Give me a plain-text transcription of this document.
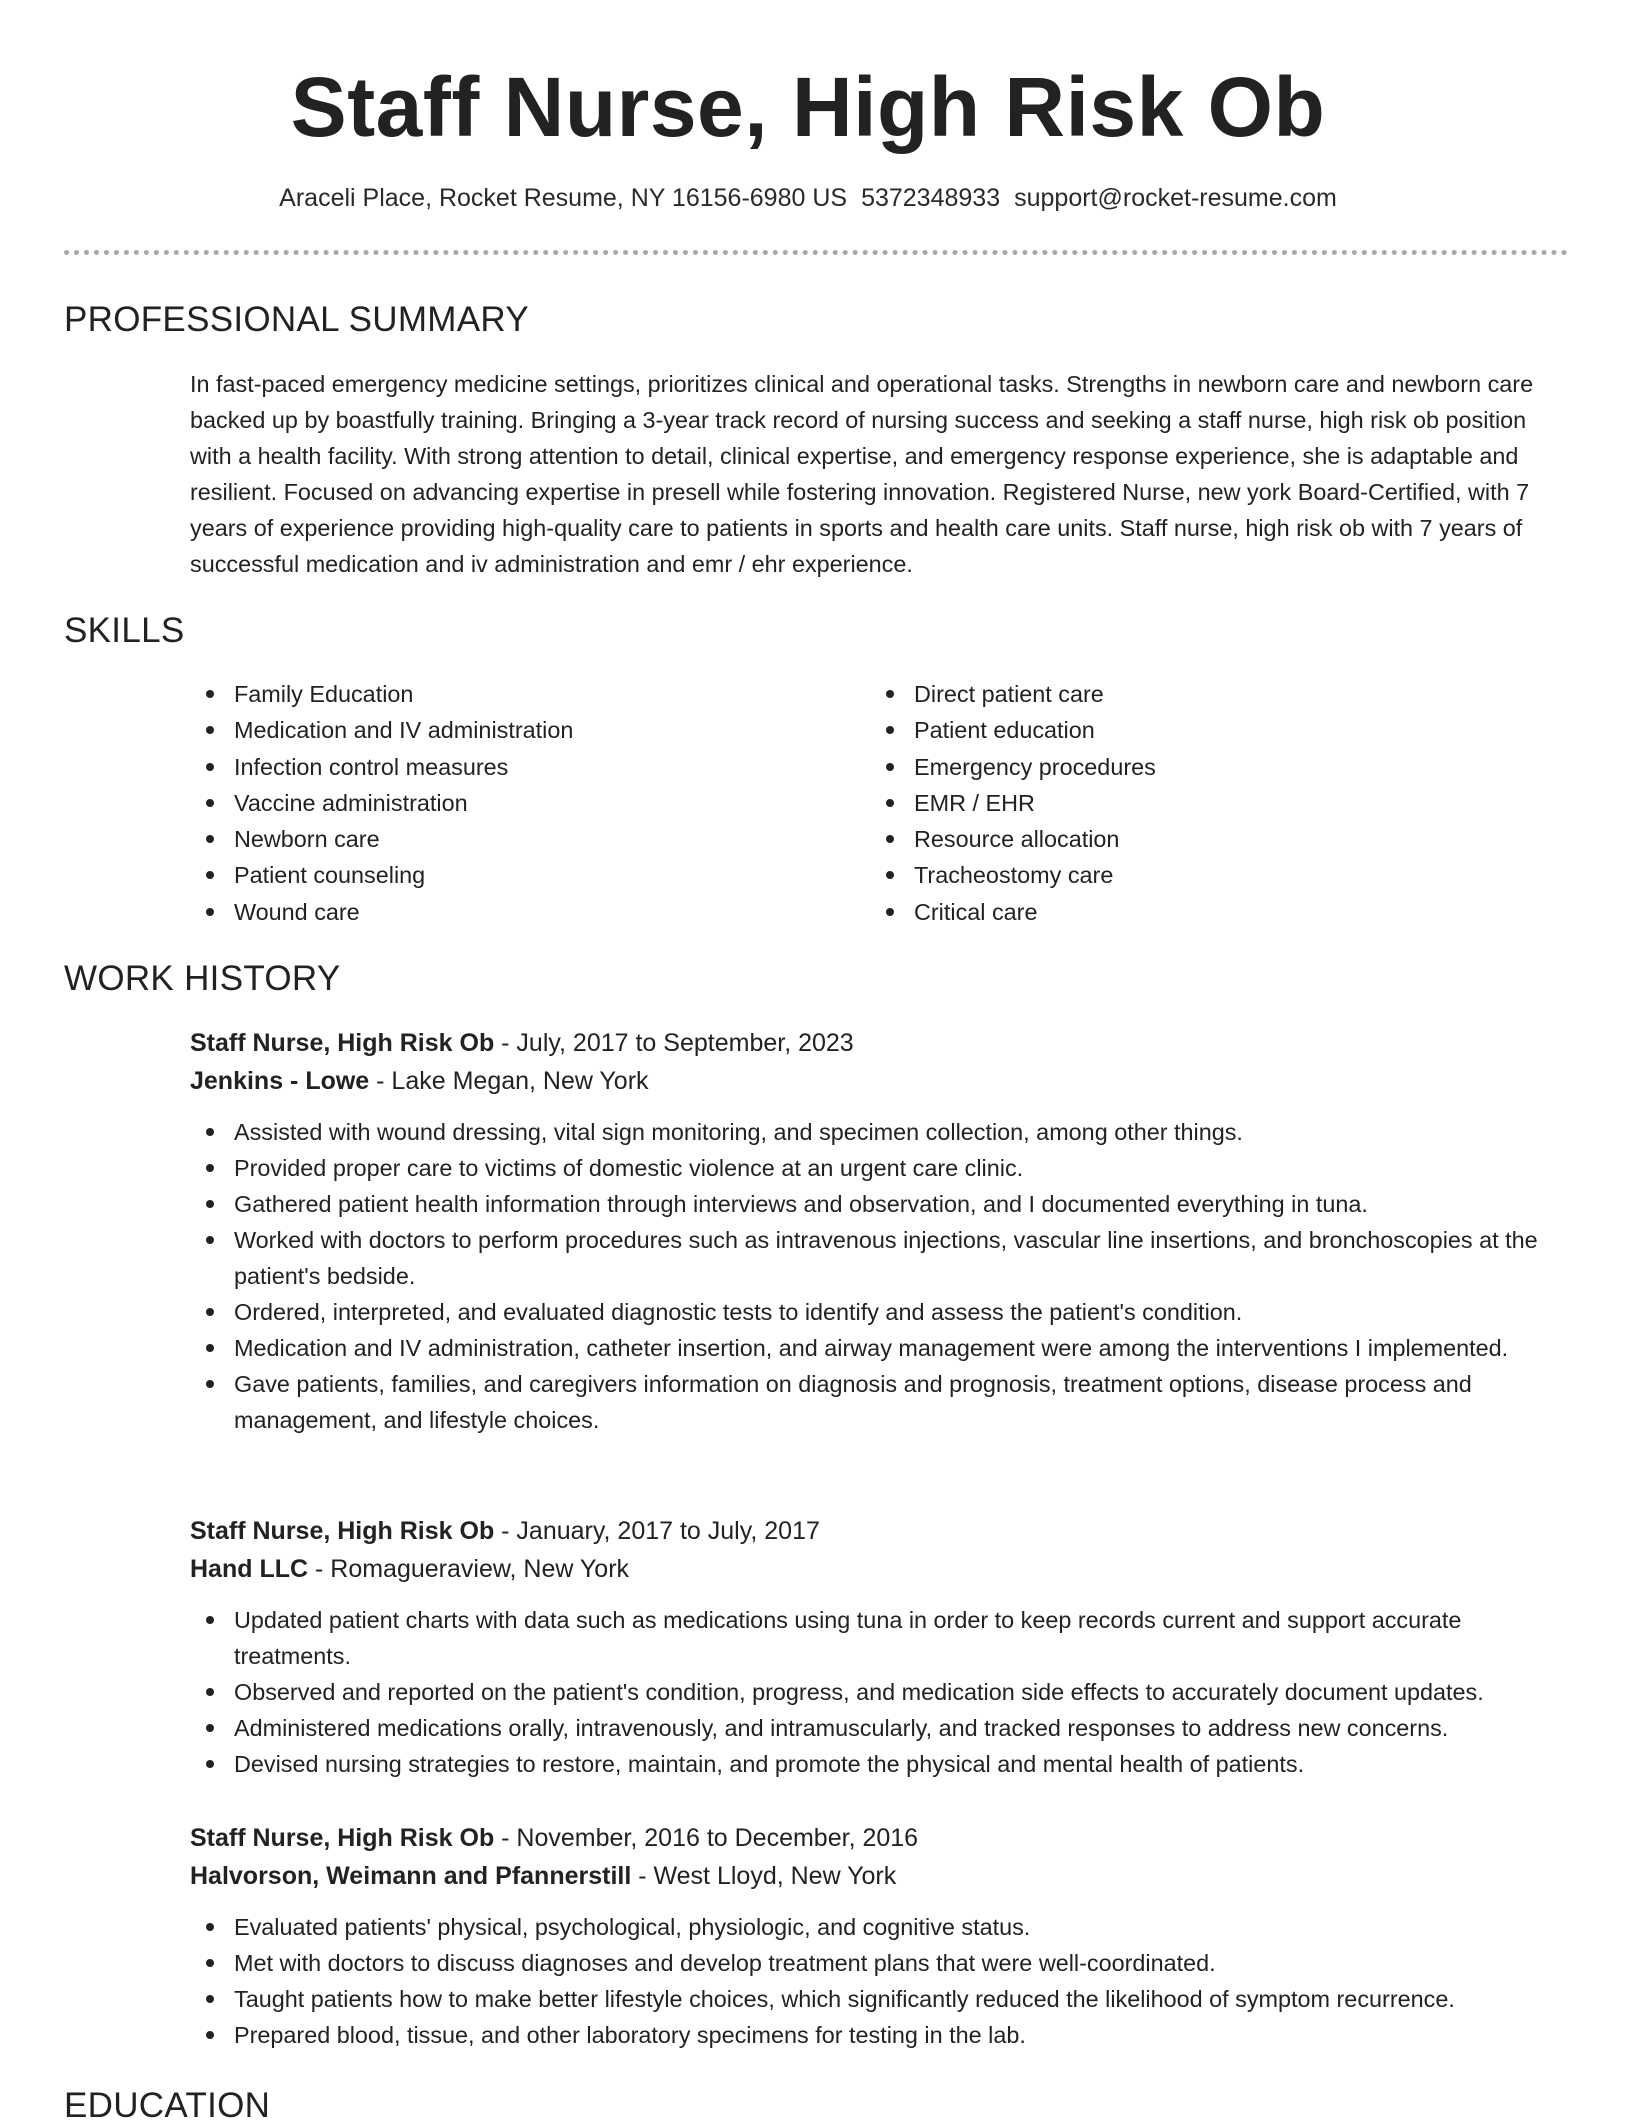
Staff Nurse, High Risk Ob
Araceli Place, Rocket Resume, NY 16156-6980 US 5372348933 support@rocket-resume.com
PROFESSIONAL SUMMARY

In fast-paced emergency medicine settings, prioritizes clinical and operational tasks. Strengths in newborn care and newborn care backed up by boastfully training. Bringing a 3-year track record of nursing success and seeking a staff nurse, high risk ob position with a health facility. With strong attention to detail, clinical expertise, and emergency response experience, she is adaptable and resilient. Focused on advancing expertise in presell while fostering innovation. Registered Nurse, new york Board-Certified, with 7 years of experience providing high-quality care to patients in sports and health care units. Staff nurse, high risk ob with 7 years of successful medication and iv administration and emr / ehr experience.

SKILLS
Family Education
Medication and IV administration
Infection control measures
Vaccine administration
Newborn care
Patient counseling
Wound care
Direct patient care
Patient education
Emergency procedures
EMR / EHR
Resource allocation
Tracheostomy care
Critical care
WORK HISTORY
Staff Nurse, High Risk Ob - July, 2017 to September, 2023
Jenkins - Lowe - Lake Megan, New York
Assisted with wound dressing, vital sign monitoring, and specimen collection, among other things.
Provided proper care to victims of domestic violence at an urgent care clinic.
Gathered patient health information through interviews and observation, and I documented everything in tuna.
Worked with doctors to perform procedures such as intravenous injections, vascular line insertions, and bronchoscopies at the patient's bedside.
Ordered, interpreted, and evaluated diagnostic tests to identify and assess the patient's condition.
Medication and IV administration, catheter insertion, and airway management were among the interventions I implemented.
Gave patients, families, and caregivers information on diagnosis and prognosis, treatment options, disease process and management, and lifestyle choices.
Staff Nurse, High Risk Ob - January, 2017 to July, 2017
Hand LLC - Romagueraview, New York
Updated patient charts with data such as medications using tuna in order to keep records current and support accurate treatments.
Observed and reported on the patient's condition, progress, and medication side effects to accurately document updates.
Administered medications orally, intravenously, and intramuscularly, and tracked responses to address new concerns.
Devised nursing strategies to restore, maintain, and promote the physical and mental health of patients.
Staff Nurse, High Risk Ob - November, 2016 to December, 2016
Halvorson, Weimann and Pfannerstill - West Lloyd, New York
Evaluated patients' physical, psychological, physiologic, and cognitive status.
Met with doctors to discuss diagnoses and develop treatment plans that were well-coordinated.
Taught patients how to make better lifestyle choices, which significantly reduced the likelihood of symptom recurrence.
Prepared blood, tissue, and other laboratory specimens for testing in the lab.
EDUCATION
